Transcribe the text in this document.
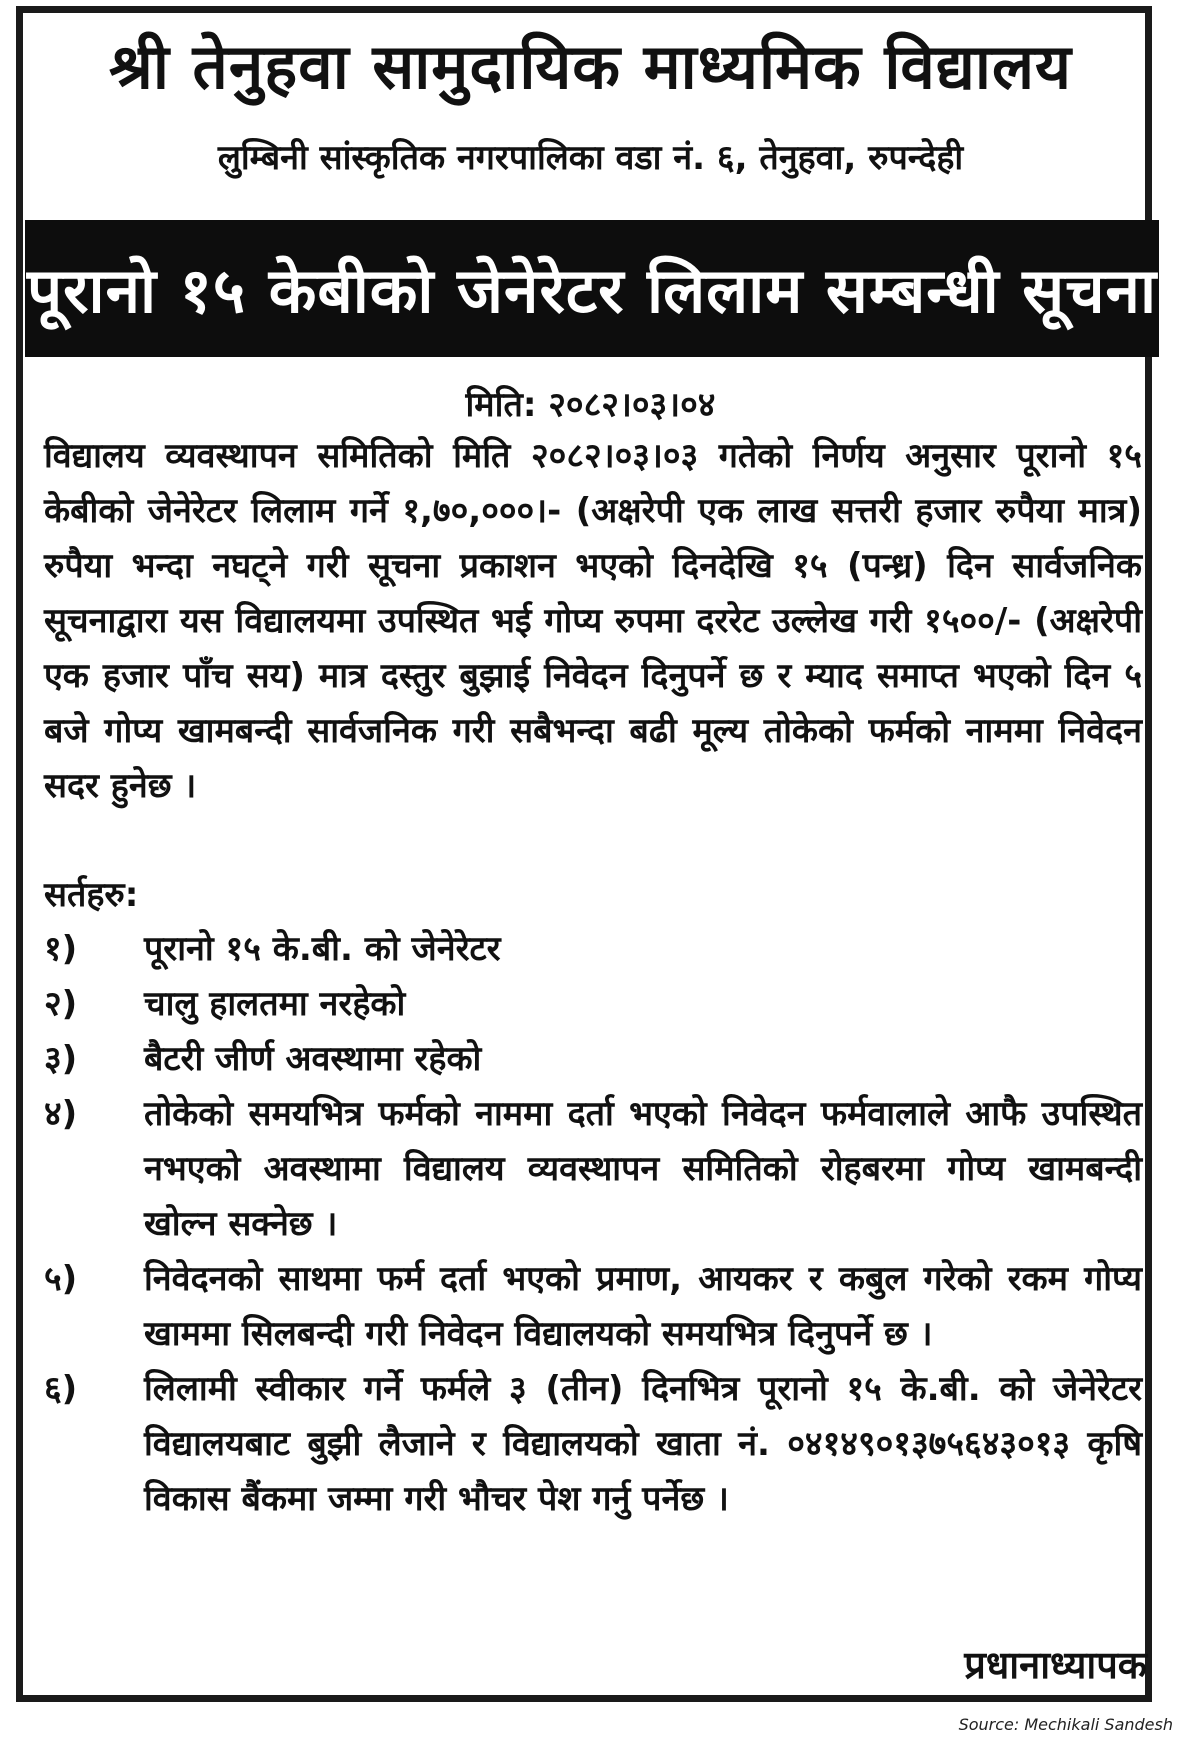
श्री तेनुहवा सामुदायिक माध्यमिक विद्यालय
लुम्बिनी सांस्कृतिक नगरपालिका वडा नं. ६, तेनुहवा, रुपन्देही
पूरानो १५ केबीको जेनेरेटर लिलाम सम्बन्धी सूचना
मिति: २०८२।०३।०४

विद्यालय व्यवस्थापन समितिको मिति २०८२।०३।०३ गतेको निर्णय अनुसार पूरानो १५ केबीको जेनेरेटर लिलाम गर्ने १,७०,०००।- (अक्षरेपी एक लाख सत्तरी हजार रुपैया मात्र) रुपैया भन्दा नघट्ने गरी सूचना प्रकाशन भएको दिनदेखि १५ (पन्ध्र) दिन सार्वजनिक सूचनाद्वारा यस विद्यालयमा उपस्थित भई गोप्य रुपमा दररेट उल्लेख गरी १५००/- (अक्षरेपी एक हजार पाँच सय) मात्र दस्तुर बुझाई निवेदन दिनुपर्ने छ र म्याद समाप्त भएको दिन ५ बजे गोप्य खामबन्दी सार्वजनिक गरी सबैभन्दा बढी मूल्य तोकेको फर्मको नाममा निवेदन सदर हुनेछ ।

सर्तहरु:
१)	पूरानो १५ के.बी. को जेनेरेटर
२)	चालु हालतमा नरहेको
३)	बैटरी जीर्ण अवस्थामा रहेको
४)	तोकेको समयभित्र फर्मको नाममा दर्ता भएको निवेदन फर्मवालाले आफै उपस्थित नभएको अवस्थामा विद्यालय व्यवस्थापन समितिको रोहबरमा गोप्य खामबन्दी खोल्न सक्नेछ ।
५)	निवेदनको साथमा फर्म दर्ता भएको प्रमाण, आयकर र कबुल गरेको रकम गोप्य खाममा सिलबन्दी गरी निवेदन विद्यालयको समयभित्र दिनुपर्ने छ ।
६)	लिलामी स्वीकार गर्ने फर्मले ३ (तीन) दिनभित्र पूरानो १५ के.बी. को जेनेरेटर विद्यालयबाट बुझी लैजाने र विद्यालयको खाता नं. ०४१४९०१३७५६४३०१३ कृषि विकास बैंकमा जम्मा गरी भौचर पेश गर्नु पर्नेछ ।
प्रधानाध्यापक
Source: Mechikali Sandesh
